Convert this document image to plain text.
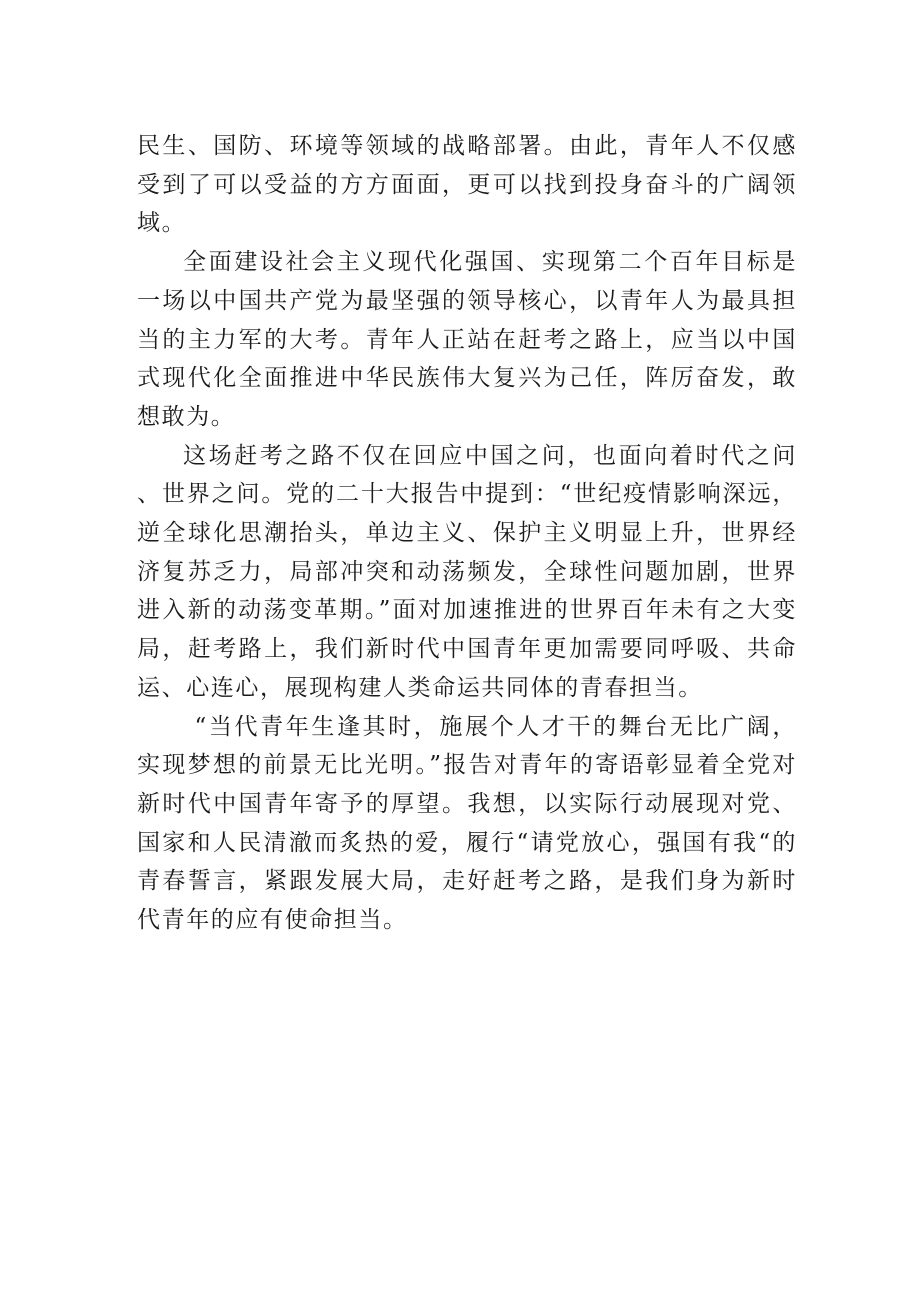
民生、国防、环境等领域的战略部署。由此，青年人不仅感受到了可以受益的方方面面，更可以找到投身奋斗的广阔领域。

全面建设社会主义现代化强国、实现第二个百年目标是一场以中国共产党为最坚强的领导核心，以青年人为最具担当的主力军的大考。青年人正站在赶考之路上，应当以中国式现代化全面推进中华民族伟大复兴为己任，阵厉奋发，敢想敢为。

这场赶考之路不仅在回应中国之问，也面向着时代之问、世界之问。党的二十大报告中提到：“世纪疫情影响深远，逆全球化思潮抬头，单边主义、保护主义明显上升，世界经济复苏乏力，局部冲突和动荡频发，全球性问题加剧，世界进入新的动荡变革期。”面对加速推进的世界百年未有之大变局，赶考路上，我们新时代中国青年更加需要同呼吸、共命运、心连心，展现构建人类命运共同体的青春担当。

“当代青年生逢其时，施展个人才干的舞台无比广阔，实现梦想的前景无比光明。”报告对青年的寄语彰显着全党对新时代中国青年寄予的厚望。我想，以实际行动展现对党、国家和人民清澈而炙热的爱，履行“请党放心，强国有我“的青春誓言，紧跟发展大局，走好赶考之路，是我们身为新时代青年的应有使命担当。
